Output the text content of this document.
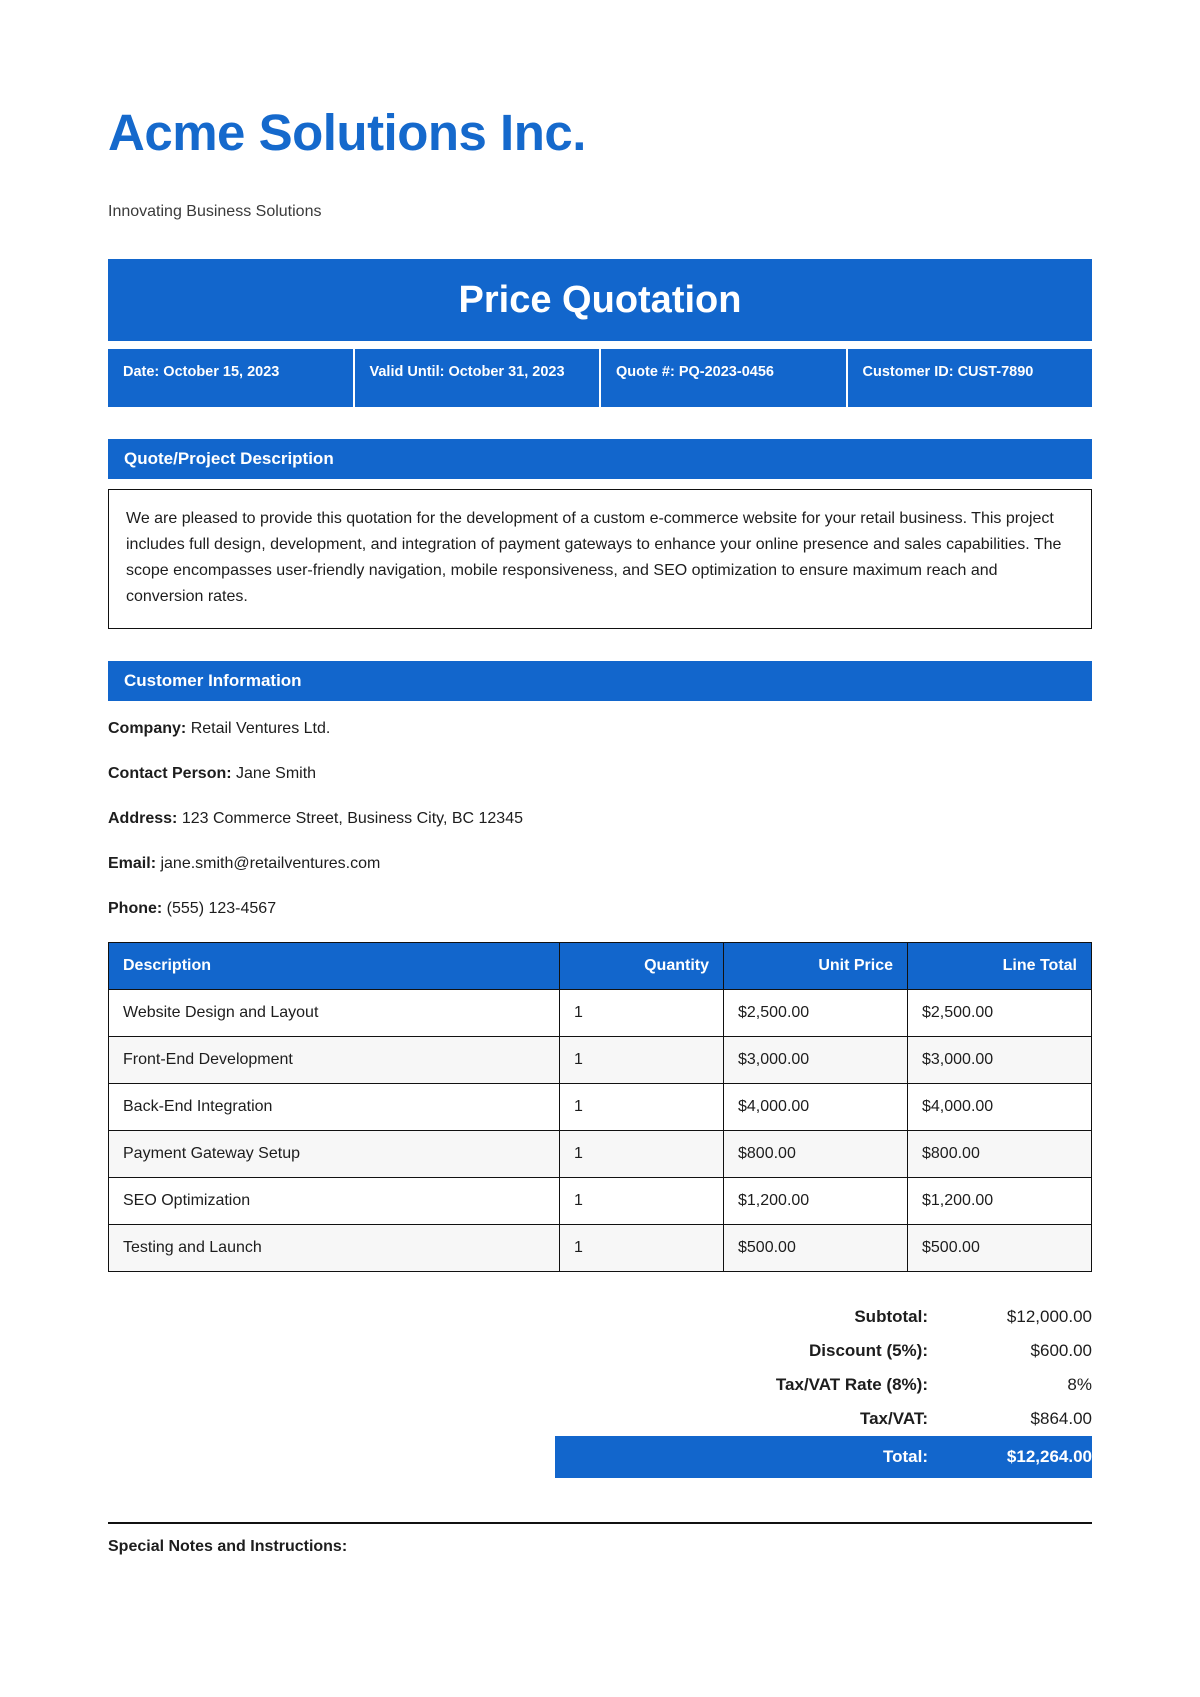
Acme Solutions Inc.

Innovating Business Solutions

Price Quotation
Date: October 15, 2023	Valid Until: October 31, 2023	Quote #: PQ-2023-0456	Customer ID: CUST-7890
Quote/Project Description
We are pleased to provide this quotation for the development of a custom e-commerce website for your retail business. This project includes full design, development, and integration of payment gateways to enhance your online presence and sales capabilities. The scope encompasses user-friendly navigation, mobile responsiveness, and SEO optimization to ensure maximum reach and conversion rates.
Customer Information
Company: Retail Ventures Ltd.
Contact Person: Jane Smith
Address: 123 Commerce Street, Business City, BC 12345
Email: jane.smith@retailventures.com
Phone: (555) 123-4567
Description	Quantity	Unit Price	Line Total
Website Design and Layout	1	$2,500.00	$2,500.00
Front-End Development	1	$3,000.00	$3,000.00
Back-End Integration	1	$4,000.00	$4,000.00
Payment Gateway Setup	1	$800.00	$800.00
SEO Optimization	1	$1,200.00	$1,200.00
Testing and Launch	1	$500.00	$500.00
Subtotal:	$12,000.00
Discount (5%):	$600.00
Tax/VAT Rate (8%):	8%
Tax/VAT:	$864.00
Total:	$12,264.00
Special Notes and Instructions:
